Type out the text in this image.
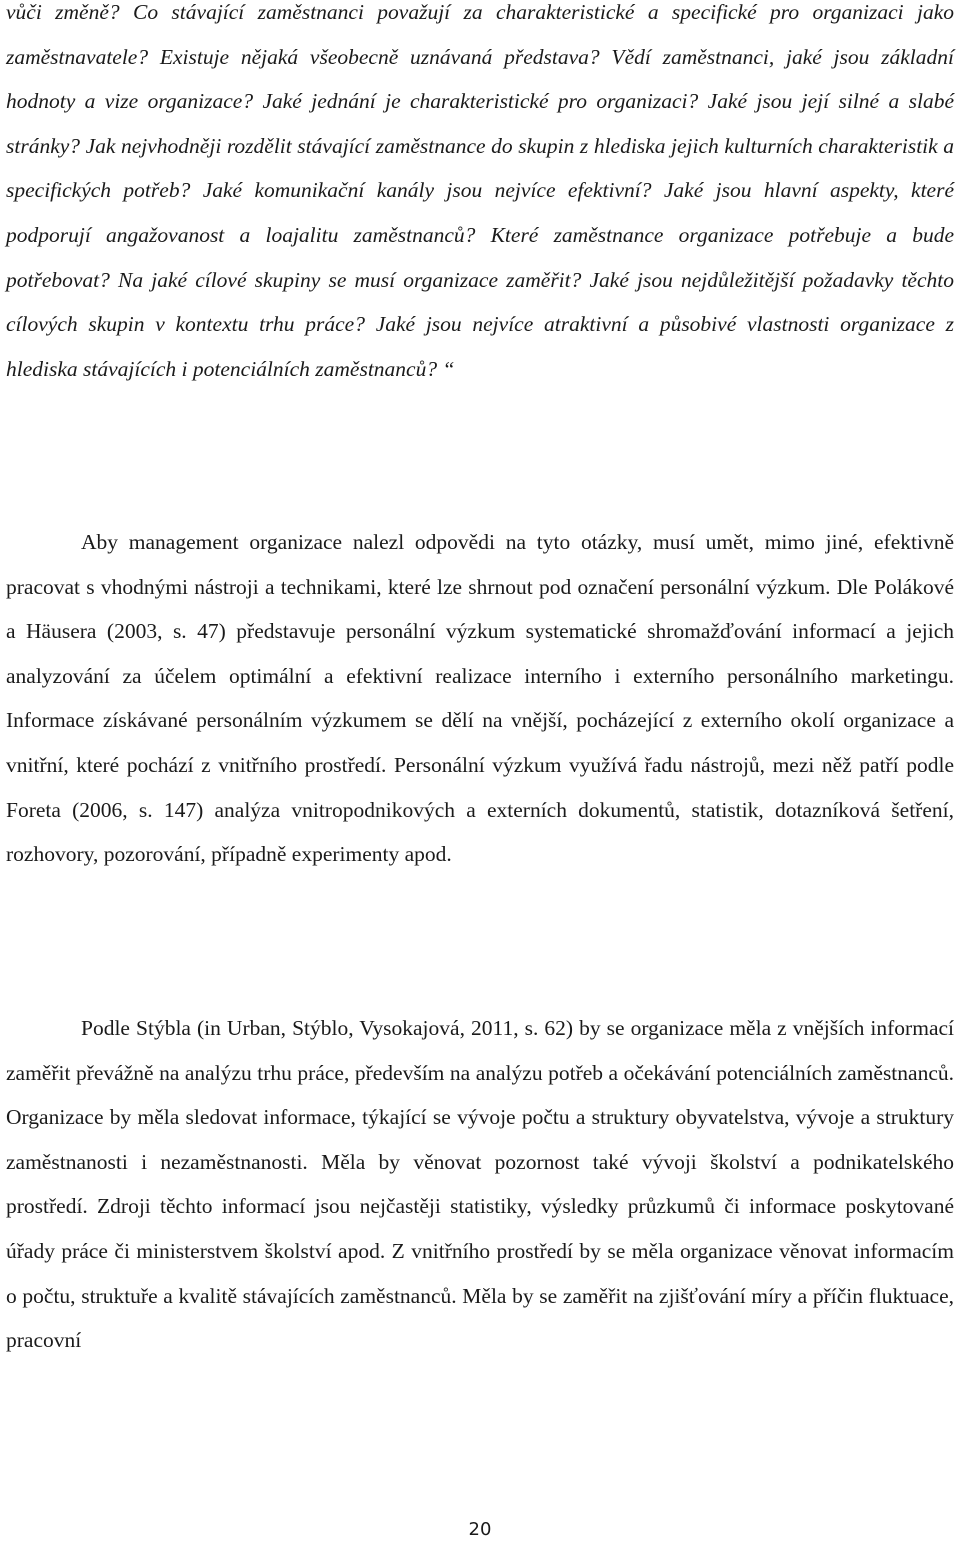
vůči změně? Co stávající zaměstnanci považují za charakteristické a specifické pro organizaci jako zaměstnavatele? Existuje nějaká všeobecně uznávaná představa? Vědí zaměstnanci, jaké jsou základní hodnoty a vize organizace? Jaké jednání je charakteristické pro organizaci? Jaké jsou její silné a slabé stránky? Jak nejvhodněji rozdělit stávající zaměstnance do skupin z hlediska jejich kulturních charakteristik a specifických potřeb? Jaké komunikační kanály jsou nejvíce efektivní? Jaké jsou hlavní aspekty, které podporují angažovanost a loajalitu zaměstnanců? Které zaměstnance organizace potřebuje a bude potřebovat? Na jaké cílové skupiny se musí organizace zaměřit? Jaké jsou nejdůležitější požadavky těchto cílových skupin v kontextu trhu práce? Jaké jsou nejvíce atraktivní a působivé vlastnosti organizace z hlediska stávajících i potenciálních zaměstnanců? “

Aby management organizace nalezl odpovědi na tyto otázky, musí umět, mimo jiné, efektivně pracovat s vhodnými nástroji a technikami, které lze shrnout pod označení personální výzkum. Dle Polákové a Häusera (2003, s. 47) představuje personální výzkum systematické shromažďování informací a jejich analyzování za účelem optimální a efektivní realizace interního i externího personálního marketingu. Informace získávané personálním výzkumem se dělí na vnější, pocházející z externího okolí organizace a vnitřní, které pochází z vnitřního prostředí. Personální výzkum využívá řadu nástrojů, mezi něž patří podle Foreta (2006, s. 147) analýza vnitropodnikových a externích dokumentů, statistik, dotazníková šetření, rozhovory, pozorování, případně experimenty apod.

Podle Stýbla (in Urban, Stýblo, Vysokajová, 2011, s. 62) by se organizace měla z vnějších informací zaměřit převážně na analýzu trhu práce, především na analýzu potřeb a očekávání potenciálních zaměstnanců. Organizace by měla sledovat informace, týkající se vývoje počtu a struktury obyvatelstva, vývoje a struktury zaměstnanosti i nezaměstnanosti. Měla by věnovat pozornost také vývoji školství a podnikatelského prostředí. Zdroji těchto informací jsou nejčastěji statistiky, výsledky průzkumů či informace poskytované úřady práce či ministerstvem školství apod. Z vnitřního prostředí by se měla organizace věnovat informacím o počtu, struktuře a kvalitě stávajících zaměstnanců. Měla by se zaměřit na zjišťování míry a příčin fluktuace, pracovní

20
